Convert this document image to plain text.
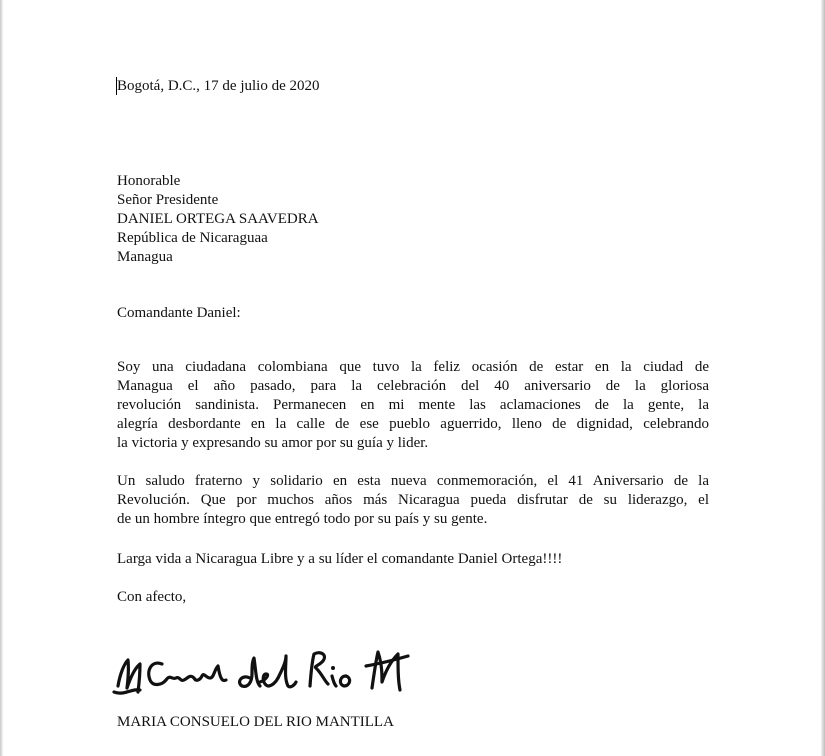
Bogotá, D.C., 17 de julio de 2020
Honorable
Señor Presidente
DANIEL ORTEGA SAAVEDRA
República de Nicaraguaa
Managua
Comandante Daniel:
Soy una ciudadana colombiana que tuvo la feliz ocasión de estar en la ciudad de
Managua el año pasado, para la celebración del 40 aniversario de la gloriosa
revolución sandinista. Permanecen en mi mente las aclamaciones de la gente, la
alegría desbordante en la calle de ese pueblo aguerrido, lleno de dignidad, celebrando
la victoria y expresando su amor por su guía y lider.
Un saludo fraterno y solidario en esta nueva conmemoración, el 41 Aniversario de la
Revolución. Que por muchos años más Nicaragua pueda disfrutar de su liderazgo, el
de un hombre íntegro que entregó todo por su país y su gente.
Larga vida a Nicaragua Libre y a su líder el comandante Daniel Ortega!!!!
Con afecto,
MARIA CONSUELO DEL RIO MANTILLA
